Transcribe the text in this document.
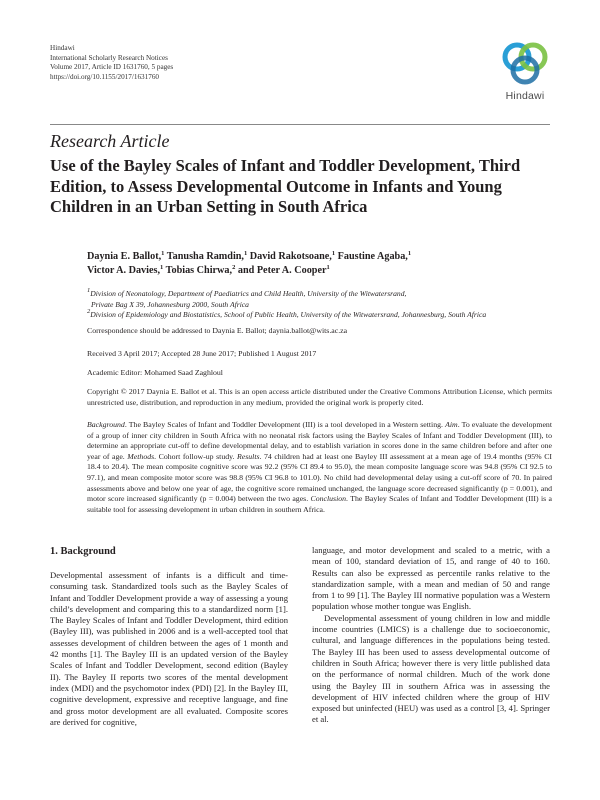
Hindawi
International Scholarly Research Notices
Volume 2017, Article ID 1631760, 5 pages
https://doi.org/10.1155/2017/1631760
Hindawi
Research Article
Use of the Bayley Scales of Infant and Toddler Development, Third Edition, to Assess Developmental Outcome in Infants and Young Children in an Urban Setting in South Africa
Daynia E. Ballot,$^1$ Tanusha Ramdin,$^1$ David Rakotsoane,$^1$ Faustine Agaba,$^1$
Victor A. Davies,$^1$ Tobias Chirwa,$^2$ and Peter A. Cooper$^1$
$^1$Division of Neonatology, Department of Paediatrics and Child Health, University of the Witwatersrand,
Private Bag X 39, Johannesburg 2000, South Africa
$^2$Division of Epidemiology and Biostatistics, School of Public Health, University of the Witwatersrand, Johannesburg, South Africa
Correspondence should be addressed to Daynia E. Ballot; daynia.ballot@wits.ac.za
Received 3 April 2017; Accepted 28 June 2017; Published 1 August 2017
Academic Editor: Mohamed Saad Zaghloul
Copyright © 2017 Daynia E. Ballot et al. This is an open access article distributed under the Creative Commons Attribution License, which permits unrestricted use, distribution, and reproduction in any medium, provided the original work is properly cited.
Background. The Bayley Scales of Infant and Toddler Development (III) is a tool developed in a Western setting. Aim. To evaluate the development of a group of inner city children in South Africa with no neonatal risk factors using the Bayley Scales of Infant and Toddler Development (III), to determine an appropriate cut-off to define developmental delay, and to establish variation in scores done in the same children before and after one year of age. Methods. Cohort follow-up study. Results. 74 children had at least one Bayley III assessment at a mean age of 19.4 months (95% CI 18.4 to 20.4). The mean composite cognitive score was 92.2 (95% CI 89.4 to 95.0), the mean composite language score was 94.8 (95% CI 92.5 to 97.1), and mean composite motor score was 98.8 (95% CI 96.8 to 101.0). No child had developmental delay using a cut-off score of 70. In paired assessments above and below one year of age, the cognitive score remained unchanged, the language score decreased significantly (p = 0.001), and motor score increased significantly (p = 0.004) between the two ages. Conclusion. The Bayley Scales of Infant and Toddler Development (III) is a suitable tool for assessing development in urban children in southern Africa.
1. Background

Developmental assessment of infants is a difficult and time-consuming task. Standardized tools such as the Bayley Scales of Infant and Toddler Development provide a way of assessing a young child’s development and comparing this to a standardized norm [1]. The Bayley Scales of Infant and Toddler Development, third edition (Bayley III), was published in 2006 and is a well-accepted tool that assesses development of children between the ages of 1 month and 42 months [1]. The Bayley III is an updated version of the Bayley Scales of Infant and Toddler Development, second edition (Bayley II). The Bayley II reports two scores of the mental development index (MDI) and the psychomotor index (PDI) [2]. In the Bayley III, cognitive development, expressive and receptive language, and fine and gross motor development are all evaluated. Composite scores are derived for cognitive,

language, and motor development and scaled to a metric, with a mean of 100, standard deviation of 15, and range of 40 to 160. Results can also be expressed as percentile ranks relative to the standardization sample, with a mean and median of 50 and range from 1 to 99 [1]. The Bayley III normative population was a Western population whose mother tongue was English.

Developmental assessment of young children in low and middle income countries (LMICS) is a challenge due to socioeconomic, cultural, and language differences in the populations being tested. The Bayley III has been used to assess developmental outcome of children in South Africa; however there is very little published data on the performance of normal children. Much of the work done using the Bayley III in southern Africa was in assessing the development of HIV infected children where the group of HIV exposed but uninfected (HEU) was used as a control [3, 4]. Springer et al.
